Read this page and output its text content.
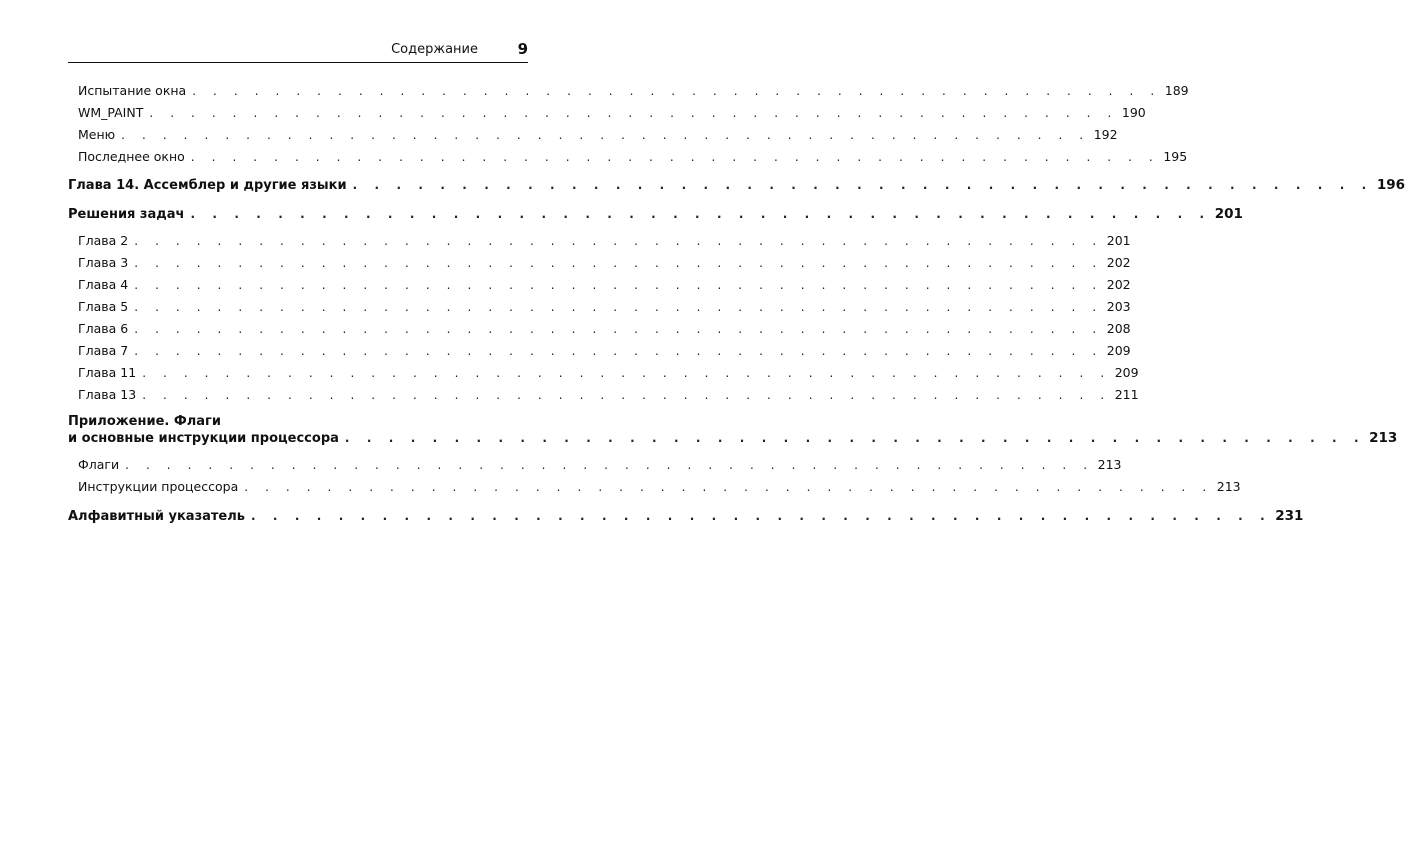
Содержание	9
Испытание окна . . . . . . . . . . . . . . . . . . . . . . . . . . . . . . . . . . . . . . . . . . . . . . . 189
WM_PAINT . . . . . . . . . . . . . . . . . . . . . . . . . . . . . . . . . . . . . . . . . . . . . . . 190
Меню . . . . . . . . . . . . . . . . . . . . . . . . . . . . . . . . . . . . . . . . . . . . . . . 192
Последнее окно . . . . . . . . . . . . . . . . . . . . . . . . . . . . . . . . . . . . . . . . . . . . . . . 195
Глава 14. Ассемблер и другие языки . . . . . . . . . . . . . . . . . . . . . . . . . . . . . . . . . . . . . . . . . . . . . . . 196
Решения задач . . . . . . . . . . . . . . . . . . . . . . . . . . . . . . . . . . . . . . . . . . . . . . . 201
Глава 2 . . . . . . . . . . . . . . . . . . . . . . . . . . . . . . . . . . . . . . . . . . . . . . . 201
Глава 3 . . . . . . . . . . . . . . . . . . . . . . . . . . . . . . . . . . . . . . . . . . . . . . . 202
Глава 4 . . . . . . . . . . . . . . . . . . . . . . . . . . . . . . . . . . . . . . . . . . . . . . . 202
Глава 5 . . . . . . . . . . . . . . . . . . . . . . . . . . . . . . . . . . . . . . . . . . . . . . . 203
Глава 6 . . . . . . . . . . . . . . . . . . . . . . . . . . . . . . . . . . . . . . . . . . . . . . . 208
Глава 7 . . . . . . . . . . . . . . . . . . . . . . . . . . . . . . . . . . . . . . . . . . . . . . . 209
Глава 11 . . . . . . . . . . . . . . . . . . . . . . . . . . . . . . . . . . . . . . . . . . . . . . . 209
Глава 13 . . . . . . . . . . . . . . . . . . . . . . . . . . . . . . . . . . . . . . . . . . . . . . . 211
Приложение. Флаги
и основные инструкции процессора . . . . . . . . . . . . . . . . . . . . . . . . . . . . . . . . . . . . . . . . . . . . . . . 213
Флаги . . . . . . . . . . . . . . . . . . . . . . . . . . . . . . . . . . . . . . . . . . . . . . . 213
Инструкции процессора . . . . . . . . . . . . . . . . . . . . . . . . . . . . . . . . . . . . . . . . . . . . . . . 213
Алфавитный указатель . . . . . . . . . . . . . . . . . . . . . . . . . . . . . . . . . . . . . . . . . . . . . . . 231
